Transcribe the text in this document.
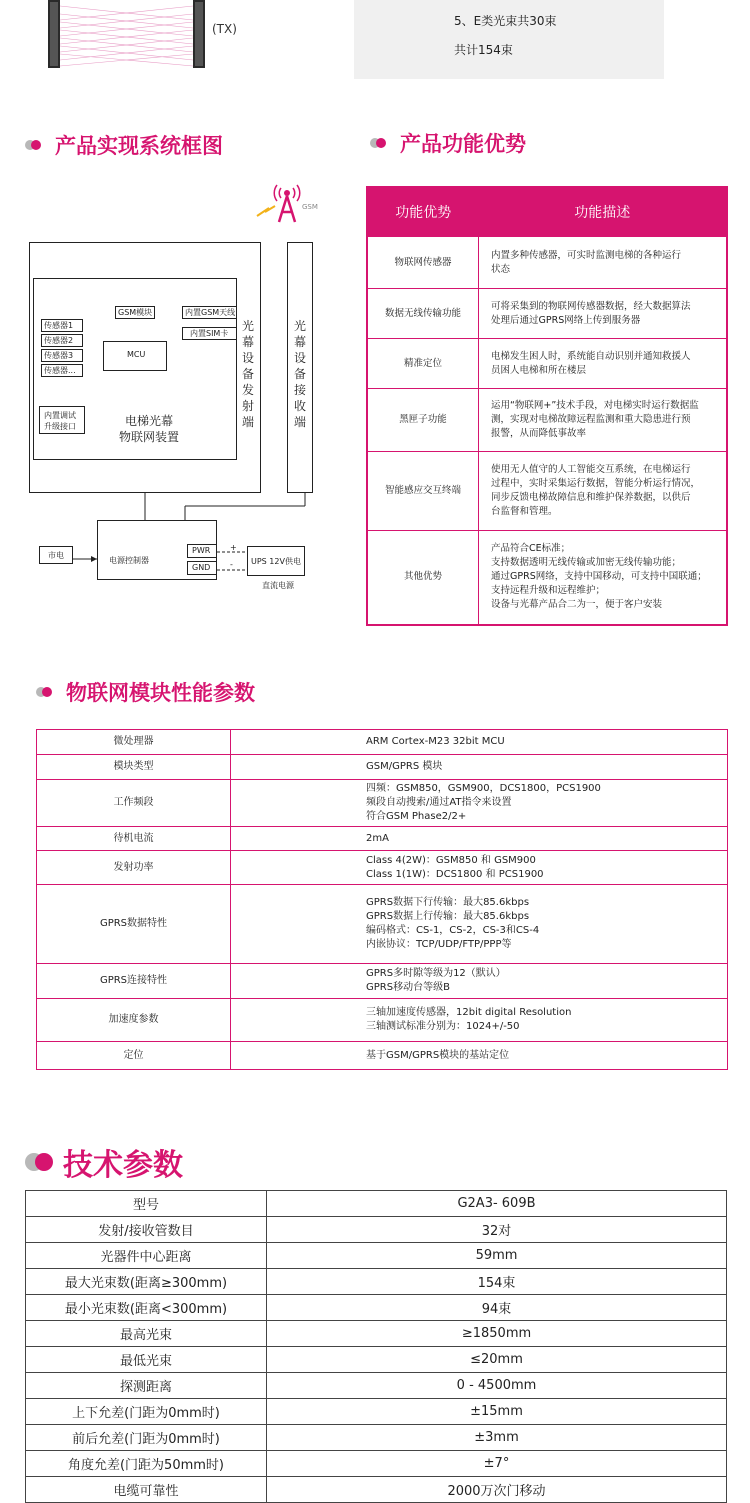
(TX)
5、E类光束共30束
共计154束
产品实现系统框图	产品功能优势
GSM
光幕设备发射端
光幕设备接收端
GSM模块	内置GSM天线
内置SIM卡
MCU
传感器1
传感器2
传感器3
传感器...
内置调试
升级接口	电梯光幕
物联网装置
市电
电源控制器
PWR
GND
+
- UPS 12V供电
直流电源
功能优势	功能描述
物联网传感器	内置多种传感器，可实时监测电梯的各种运行
状态

数据无线传输功能	可将采集到的物联网传感器数据，经大数据算法
处理后通过GPRS网络上传到服务器

精准定位	电梯发生困人时，系统能自动识别并通知救援人
员困人电梯和所在楼层

黑匣子功能	运用“物联网+”技术手段，对电梯实时运行数据监
测，实现对电梯故障远程监测和重大隐患进行预
报警，从而降低事故率

智能感应交互终端	使用无人值守的人工智能交互系统，在电梯运行
过程中，实时采集运行数据，智能分析运行情况，
同步反馈电梯故障信息和维护保养数据，以供后
台监督和管理。

其他优势	产品符合CE标准；
支持数据透明无线传输或加密无线传输功能；
通过GPRS网络，支持中国移动，可支持中国联通；
支持远程升级和远程维护；
设备与光幕产品合二为一，便于客户安装
物联网模块性能参数
微处理器	ARM Cortex-M23 32bit MCU

模块类型	GSM/GPRS 模块

工作频段	四频：GSM850，GSM900，DCS1800，PCS1900
频段自动搜索/通过AT指令来设置
符合GSM Phase2/2+

待机电流	2mA

发射功率	Class 4(2W)：GSM850 和 GSM900
Class 1(1W)：DCS1800 和 PCS1900

GPRS数据特性	GPRS数据下行传输：最大85.6kbps
GPRS数据上行传输：最大85.6kbps
编码格式：CS-1，CS-2，CS-3和CS-4
内嵌协议：TCP/UDP/FTP/PPP等

GPRS连接特性	GPRS多时隙等级为12（默认）
GPRS移动台等级B

加速度参数	三轴加速度传感器，12bit digital Resolution
三轴测试标准分别为：1024+/-50

定位	基于GSM/GPRS模块的基站定位
技术参数
型号	G2A3- 609B
发射/接收管数目	32对
光器件中心距离	59mm
最大光束数(距离≥300mm)	154束
最小光束数(距离<300mm)	94束
最高光束	≥1850mm
最低光束	≤20mm
探测距离	0 - 4500mm
上下允差(门距为0mm时)	±15mm
前后允差(门距为0mm时)	±3mm
角度允差(门距为50mm时)	±7°
电缆可靠性	2000万次门移动
